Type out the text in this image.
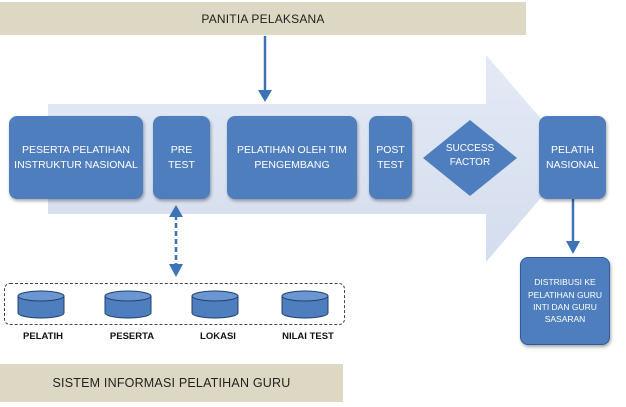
PANITIA PELAKSANA
PESERTA PELATIHAN INSTRUKTUR NASIONAL
PRE TEST
PELATIHAN OLEH TIM PENGEMBANG
POST TEST
SUCCESS FACTOR
PELATIH NASIONAL
DISTRIBUSI KE PELATIHAN GURU INTI DAN GURU SASARAN
PELATIH	PESERTA	LOKASI	NILAI TEST
SISTEM INFORMASI PELATIHAN GURU
